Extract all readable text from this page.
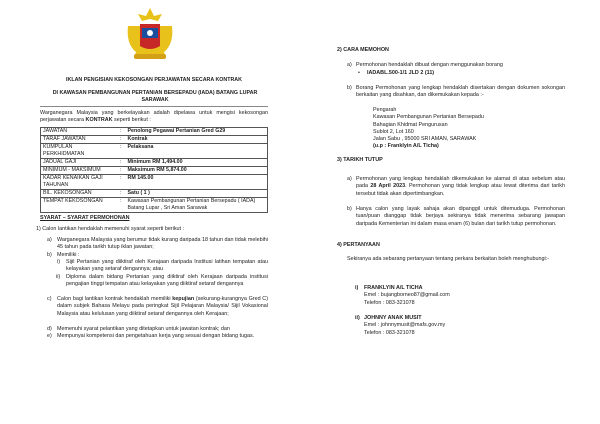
IKLAN PENGISIAN KEKOSONGAN PERJAWATAN SECARA KONTRAK
DI KAWASAN PEMBANGUNAN PERTANIAN BERSEPADU (IADA) BATANG LUPAR SARAWAK
Warganegara Malaysia yang berkelayakan adalah dipelawa untuk mengisi kekosongan perjawatan secara KONTRAK seperti berikut :
JAWATAN	:	Penolong Pegawai Pertanian Gred G29
TARAF JAWATAN	:	Kontrak
KUMPULAN PERKHIDMATAN	:	Pelaksana
JADUAL GAJI	:	Minimum RM 1,494.00
MINIMUM - MAKSIMUM	:	Maksimum RM 5,874.00
KADAR KENAIKAN GAJI TAHUNAN	:	RM 145.00
BIL. KEKOSONGAN	:	Satu ( 1 )
TEMPAT KEKOSONGAN	:	Kawasan Pembangunan Pertanian Bersepadu ( IADA) Batang Lupar , Sri Aman Sarawak
SYARAT – SYARAT PERMOHONAN
1) Calon lantikan hendaklah memenuhi syarat seperti berikut :
a) Warganegara Malaysia yang berumur tidak kurang daripada 18 tahun dan tidak melebihi 45 tahun pada tarikh tutup iklan jawatan;
b) Memiliki :
i) Sijil Pertanian yang diiktiraf oleh Kerajaan daripada Institusi latihan tempatan atau kelayakan yang setaraf dengannya; atau
ii) Diploma dalam bidang Pertanian yang diiktiraf oleh Kerajaan daripada institusi pengajian tinggi tempatan atau kelayakan yang diiktiraf setaraf dengannya
c) Calon bagi lantikan kontrak hendaklah memiliki kepujian (sekurang-kurangnya Gred C) dalam subjek Bahasa Melayu pada peringkat Sijil Pelajaran Malaysia/ Sijil Vokasional Malaysia atau kelulusan yang diiktiraf setaraf dengannya oleh Kerajaan;
d) Memenuhi syarat pelantikan yang ditetapkan untuk jawatan kontrak; dan
e) Mempunyai kompetensi dan pengetahuan kerja yang sesuai dengan bidang tugas.
2) CARA MEMOHON
a) Permohonan hendaklah dibuat dengan menggunakan borang
• IADABL.500-1/1 JLD 2 (11)
b) Borang Permohonan yang lengkap hendaklah disertakan dengan dokumen sokongan berkaitan yang disahkan, dan dikemukakan kepada :-
Pengarah
Kawasan Pembangunan Pertanian Bersepadu
Bahagian Khidmat Pengurusan
Sublot 2, Lot 160
Jalan Sabu , 95000 SRI AMAN, SARAWAK
(u.p : Franklyin A/L Ticha)
3) TARIKH TUTUP
a) Permohonan yang lengkap hendaklah dikemukakan ke alamat di atas sebelum atau pada 28 April 2023. Permohonan yang tidak lengkap atau lewat diterima dari tarikh tersebut tidak akan dipertimbangkan.
b) Hanya calon yang layak sahaja akan dipanggil untuk ditemuduga. Permohonan tuan/puan dianggap tidak berjaya sekiranya tidak menerima sebarang jawapan daripada Kementerian ini dalam masa enam (6) bulan dari tarikh tutup permohonan.
4) PERTANYAAN
Sekiranya ada sebarang pertanyaan tentang perkara berkaitan boleh menghubungi:-
i) FRANKLYIN A/L TICHA
Emel : bujangborneo87@gmail.com
Telefon : 083-321078
ii) JOHNNY ANAK MUSIT
Emel : johnnymusit@mafs.gov.my
Telefon : 083-321078
